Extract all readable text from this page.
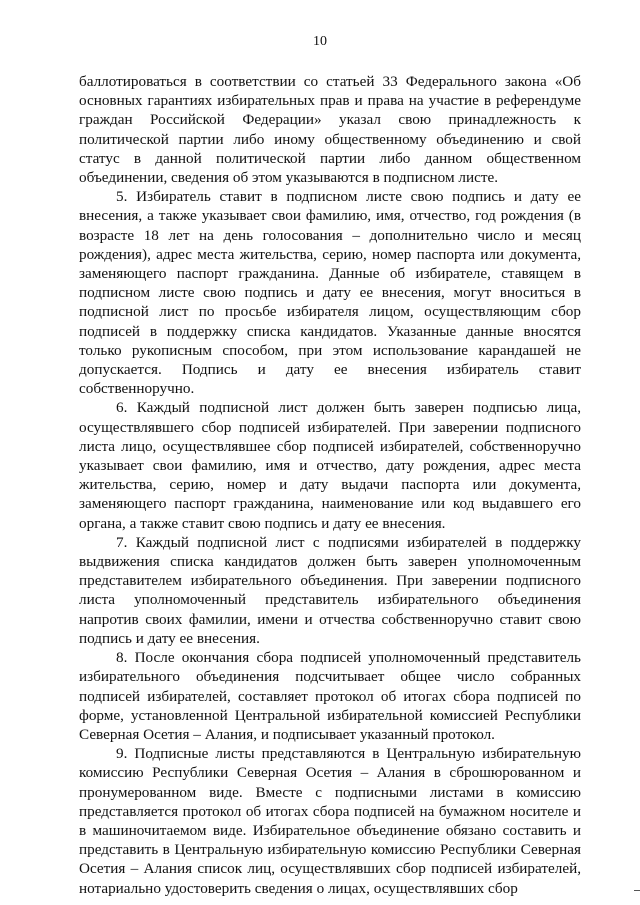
10

баллотироваться в соответствии со статьей 33 Федерального закона «Об основных гарантиях избирательных прав и права на участие в референдуме граждан Российской Федерации» указал свою принадлежность к политической партии либо иному общественному объединению и свой статус в данной политической партии либо данном общественном объединении, сведения об этом указываются в подписном листе.

5. Избиратель ставит в подписном листе свою подпись и дату ее внесения, а также указывает свои фамилию, имя, отчество, год рождения (в возрасте 18 лет на день голосования – дополнительно число и месяц рождения), адрес места жительства, серию, номер паспорта или документа, заменяющего паспорт гражданина. Данные об избирателе, ставящем в подписном листе свою подпись и дату ее внесения, могут вноситься в подписной лист по просьбе избирателя лицом, осуществляющим сбор подписей в поддержку списка кандидатов. Указанные данные вносятся только рукописным способом, при этом использование карандашей не допускается. Подпись и дату ее внесения избиратель ставит собственноручно.

6. Каждый подписной лист должен быть заверен подписью лица, осуществлявшего сбор подписей избирателей. При заверении подписного листа лицо, осуществлявшее сбор подписей избирателей, собственноручно указывает свои фамилию, имя и отчество, дату рождения, адрес места жительства, серию, номер и дату выдачи паспорта или документа, заменяющего паспорт гражданина, наименование или код выдавшего его органа, а также ставит свою подпись и дату ее внесения.

7. Каждый подписной лист с подписями избирателей в поддержку выдвижения списка кандидатов должен быть заверен уполномоченным представителем избирательного объединения. При заверении подписного листа уполномоченный представитель избирательного объединения напротив своих фамилии, имени и отчества собственноручно ставит свою подпись и дату ее внесения.

8. После окончания сбора подписей уполномоченный представитель избирательного объединения подсчитывает общее число собранных подписей избирателей, составляет протокол об итогах сбора подписей по форме, установленной Центральной избирательной комиссией Республики Северная Осетия – Алания, и подписывает указанный протокол.

9. Подписные листы представляются в Центральную избирательную комиссию Республики Северная Осетия – Алания в сброшюрованном и пронумерованном виде. Вместе с подписными листами в комиссию представляется протокол об итогах сбора подписей на бумажном носителе и в машиночитаемом виде. Избирательное объединение обязано составить и представить в Центральную избирательную комиссию Республики Северная Осетия – Алания список лиц, осуществлявших сбор подписей избирателей, нотариально удостоверить сведения о лицах, осуществлявших сбор
